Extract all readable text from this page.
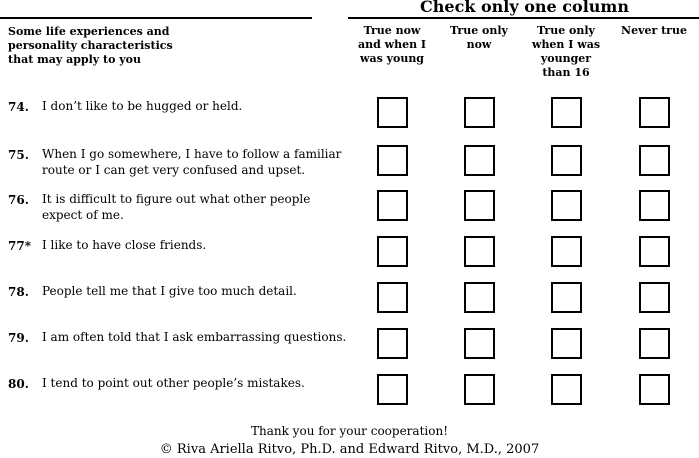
Check only one column
Some life experiences and
personality characteristics
that may apply to you
True now
and when I
was young
True only
now
True only
when I was
younger
than 16
Never true
74. I don’t like to be hugged or held.
75. When I go somewhere, I have to follow a familiar route or I can get very confused and upset.
76. It is difficult to figure out what other people expect of me.
77* I like to have close friends.
78. People tell me that I give too much detail.
79. I am often told that I ask embarrassing questions.
80. I tend to point out other people’s mistakes.
Thank you for your cooperation!
© Riva Ariella Ritvo, Ph.D. and Edward Ritvo, M.D., 2007
